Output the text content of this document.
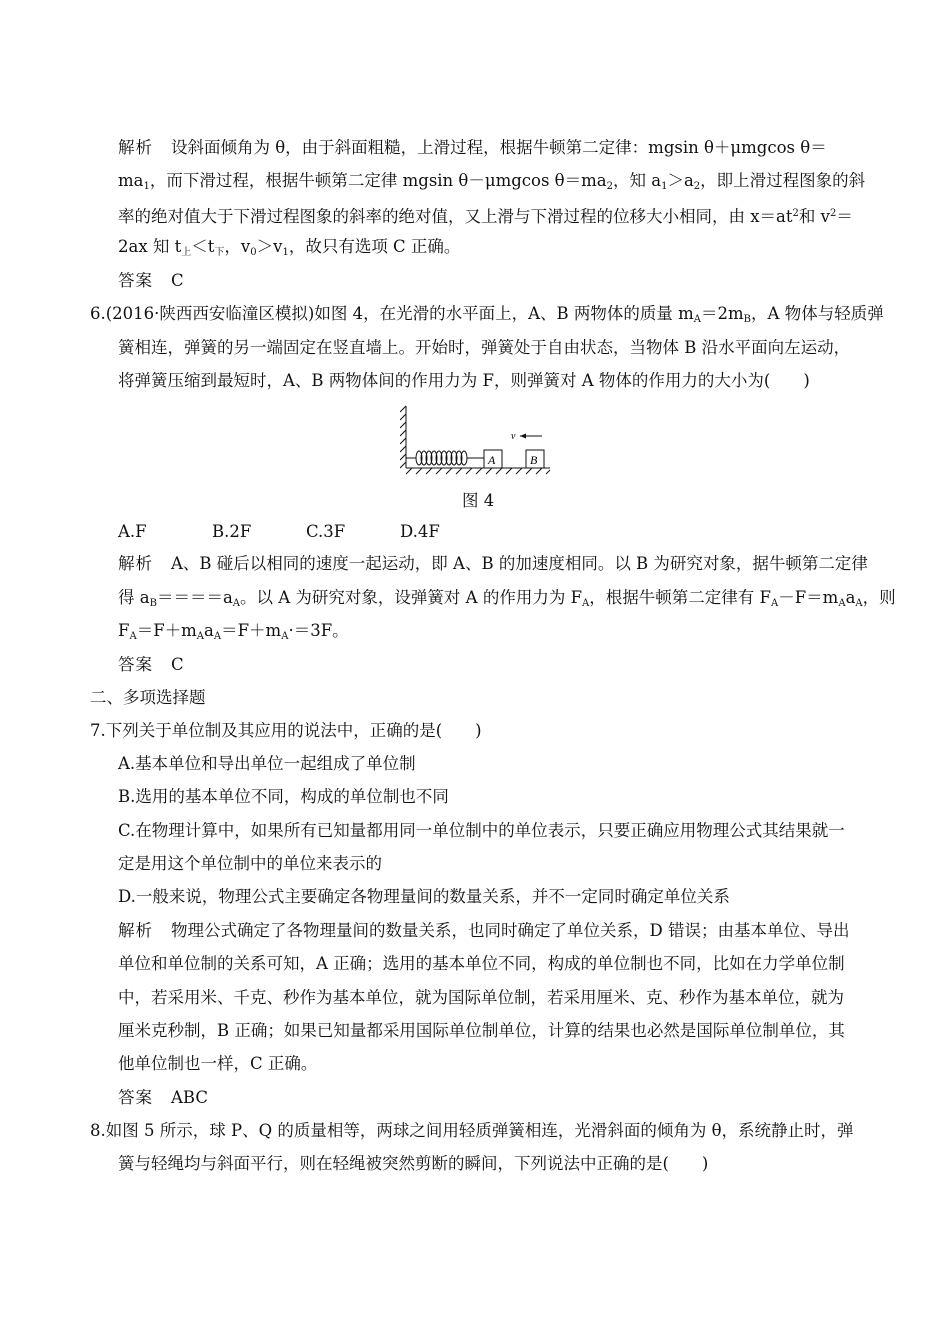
解析 设斜面倾角为 θ，由于斜面粗糙，上滑过程，根据牛顿第二定律：mgsin θ＋μmgcos θ＝
$ma_1$，而下滑过程，根据牛顿第二定律 mgsin θ－μmgcos $\theta=ma_2$，知 $a_1>a_2$，即上滑过程图象的斜
率的绝对值大于下滑过程图象的斜率的绝对值，又上滑与下滑过程的位移大小相同，由 $x=at^2$和 $v^2=$
2ax 知 $t_上<t_下$，$v_0>v_1$，故只有选项 C 正确。
答案 C
6.(2016·陕西西安临潼区模拟)如图 4，在光滑的水平面上，A、B 两物体的质量 $m_A=2m_B$，A 物体与轻质弹
簧相连，弹簧的另一端固定在竖直墙上。开始时，弹簧处于自由状态，当物体 B 沿水平面向左运动，
将弹簧压缩到最短时，A、B 两物体间的作用力为 F，则弹簧对 A 物体的作用力的大小为(　　)
A	B
v
图 4
A.F	B.2F	C.3F	D.4F
解析 A、B 碰后以相同的速度一起运动，即 A、B 的加速度相同。以 B 为研究对象，据牛顿第二定律
得 $a_B====a_A$。以 A 为研究对象，设弹簧对 A 的作用力为 $F_A$，根据牛顿第二定律有 $F_A-F=m_Aa_A$，则
$F_A=F+m_Aa_A=F+m_A\cdot=3F$。
答案 C
二、多项选择题
7.下列关于单位制及其应用的说法中，正确的是(　　)
A.基本单位和导出单位一起组成了单位制
B.选用的基本单位不同，构成的单位制也不同
C.在物理计算中，如果所有已知量都用同一单位制中的单位表示，只要正确应用物理公式其结果就一
定是用这个单位制中的单位来表示的
D.一般来说，物理公式主要确定各物理量间的数量关系，并不一定同时确定单位关系
解析 物理公式确定了各物理量间的数量关系，也同时确定了单位关系，D 错误；由基本单位、导出
单位和单位制的关系可知，A 正确；选用的基本单位不同，构成的单位制也不同，比如在力学单位制
中，若采用米、千克、秒作为基本单位，就为国际单位制，若采用厘米、克、秒作为基本单位，就为
厘米克秒制，B 正确；如果已知量都采用国际单位制单位，计算的结果也必然是国际单位制单位，其
他单位制也一样，C 正确。
答案 ABC
8.如图 5 所示，球 P、Q 的质量相等，两球之间用轻质弹簧相连，光滑斜面的倾角为 θ，系统静止时，弹
簧与轻绳均与斜面平行，则在轻绳被突然剪断的瞬间，下列说法中正确的是(　　)
